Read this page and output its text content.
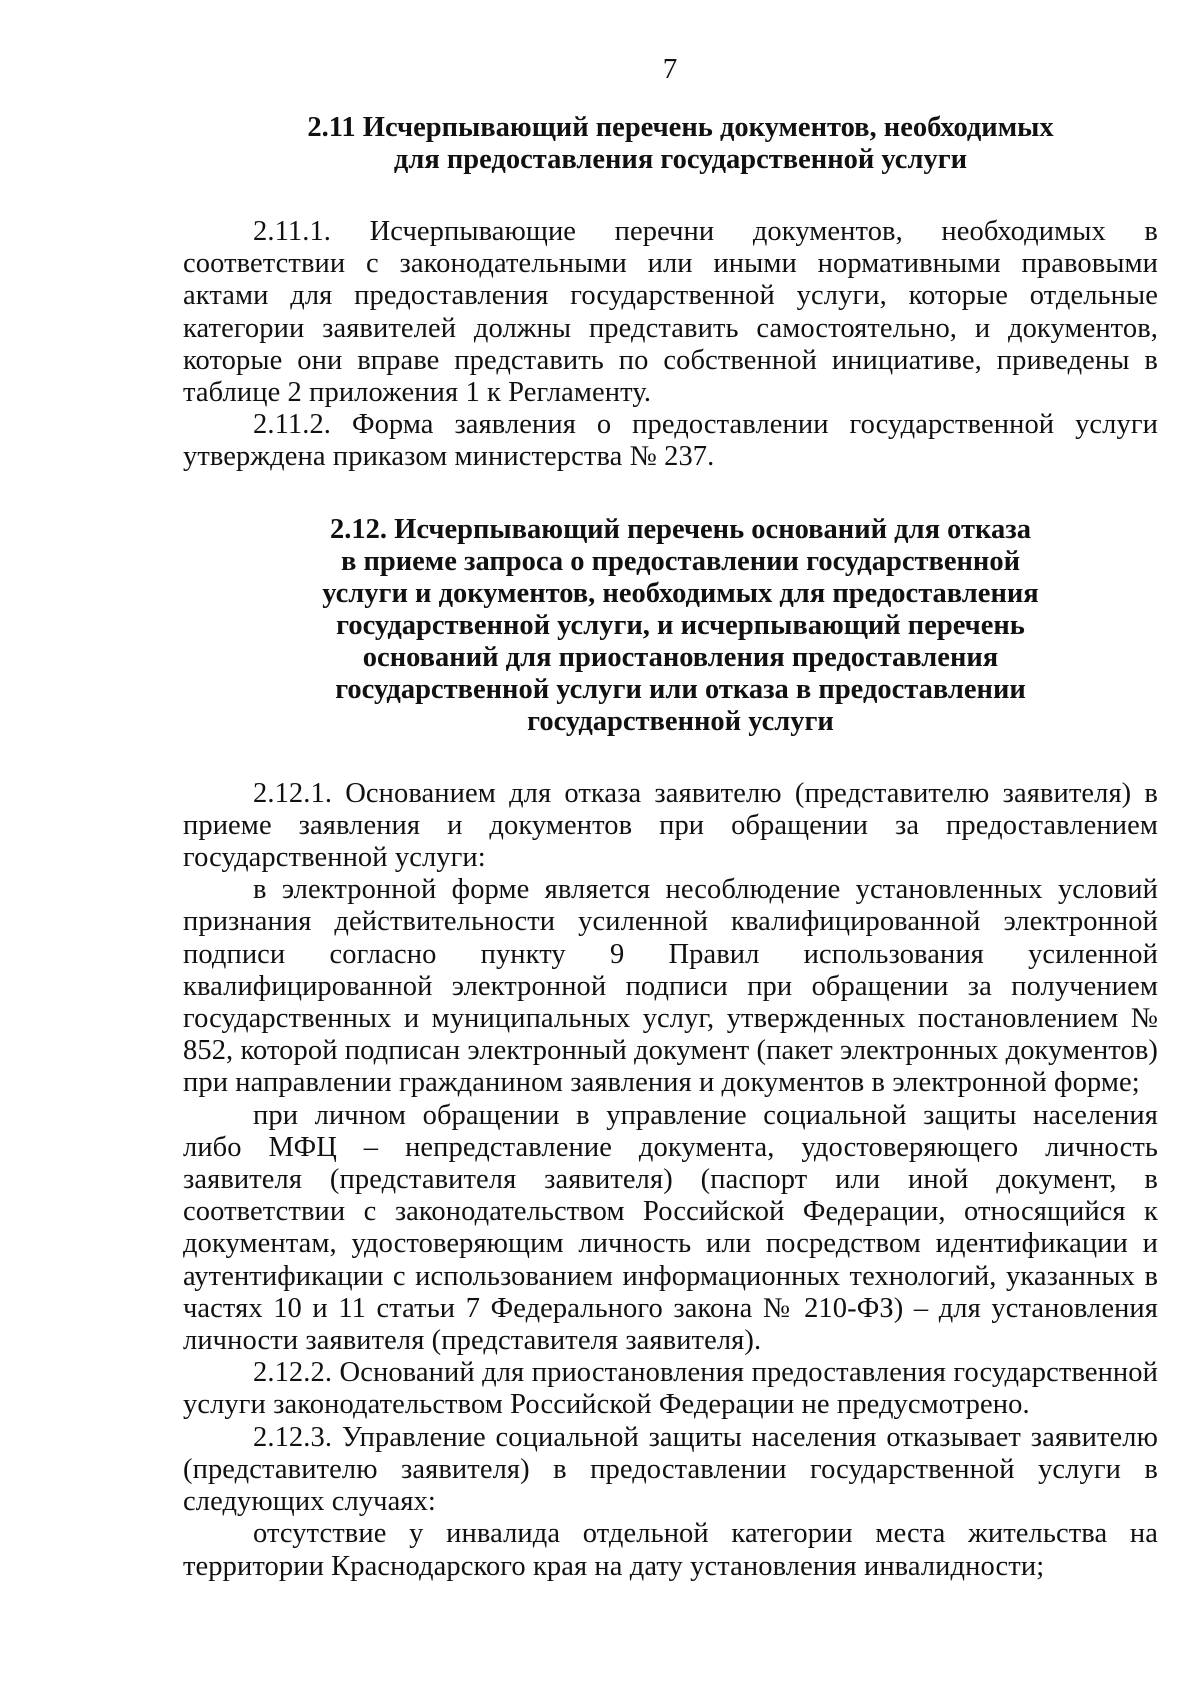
7
2.11 Исчерпывающий перечень документов, необходимых
для предоставления государственной услуги

2.11.1. Исчерпывающие перечни документов, необходимых в соответствии с законодательными или иными нормативными правовыми актами для предоставления государственной услуги, которые отдельные категории заявителей должны представить самостоятельно, и документов, которые они вправе представить по собственной инициативе, приведены в таблице 2 приложения 1 к Регламенту.

2.11.2. Форма заявления о предоставлении государственной услуги утверждена приказом министерства № 237.

2.12. Исчерпывающий перечень оснований для отказа
в приеме запроса о предоставлении государственной
услуги и документов, необходимых для предоставления
государственной услуги, и исчерпывающий перечень
оснований для приостановления предоставления
государственной услуги или отказа в предоставлении
государственной услуги

2.12.1. Основанием для отказа заявителю (представителю заявителя) в приеме заявления и документов при обращении за предоставлением государственной услуги:

в электронной форме является несоблюдение установленных условий признания действительности усиленной квалифицированной электронной подписи согласно пункту 9 Правил использования усиленной квалифицированной электронной подписи при обращении за получением государственных и муниципальных услуг, утвержденных постановлением № 852, которой подписан электронный документ (пакет электронных документов) при направлении гражданином заявления и документов в электронной форме;

при личном обращении в управление социальной защиты населения либо МФЦ – непредставление документа, удостоверяющего личность заявителя (представителя заявителя) (паспорт или иной документ, в соответствии с законодательством Российской Федерации, относящийся к документам, удостоверяющим личность или посредством идентификации и аутентификации с использованием информационных технологий, указанных в частях 10 и 11 статьи 7 Федерального закона № 210-ФЗ) – для установления личности заявителя (представителя заявителя).

2.12.2. Оснований для приостановления предоставления государственной услуги законодательством Российской Федерации не предусмотрено.

2.12.3. Управление социальной защиты населения отказывает заявителю (представителю заявителя) в предоставлении государственной услуги в следующих случаях:

отсутствие у инвалида отдельной категории места жительства на территории Краснодарского края на дату установления инвалидности;
